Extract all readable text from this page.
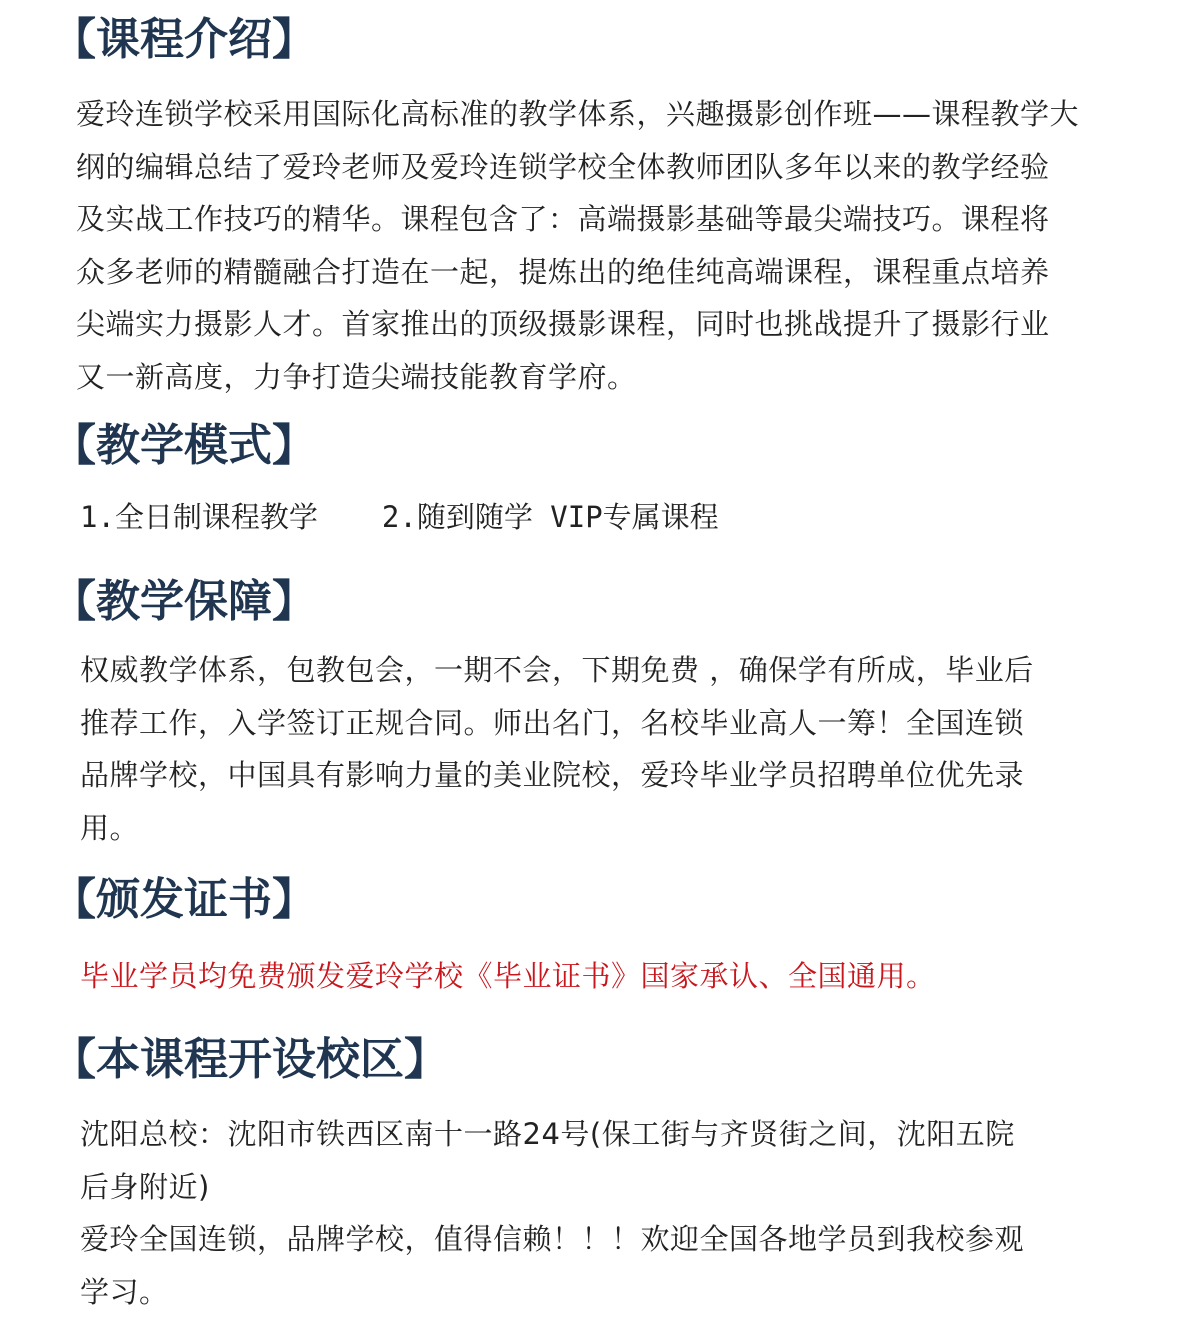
【课程介绍】
爱玲连锁学校采用国际化高标准的教学体系，兴趣摄影创作班——课程教学大
纲的编辑总结了爱玲老师及爱玲连锁学校全体教师团队多年以来的教学经验
及实战工作技巧的精华。课程包含了：高端摄影基础等最尖端技巧。课程将
众多老师的精髓融合打造在一起，提炼出的绝佳纯高端课程，课程重点培养
尖端实力摄影人才。首家推出的顶级摄影课程，同时也挑战提升了摄影行业
又一新高度，力争打造尖端技能教育学府。
【教学模式】
1.全日制课程教学 2.随到随学 VIP专属课程
【教学保障】
权威教学体系，包教包会，一期不会，下期免费 ，确保学有所成，毕业后
推荐工作，入学签订正规合同。师出名门，名校毕业高人一筹！全国连锁
品牌学校，中国具有影响力量的美业院校，爱玲毕业学员招聘单位优先录
用。
【颁发证书】
毕业学员均免费颁发爱玲学校《毕业证书》国家承认、全国通用。
【本课程开设校区】
沈阳总校：沈阳市铁西区南十一路24号(保工街与齐贤街之间，沈阳五院
后身附近)
爱玲全国连锁，品牌学校，值得信赖！！！欢迎全国各地学员到我校参观
学习。
